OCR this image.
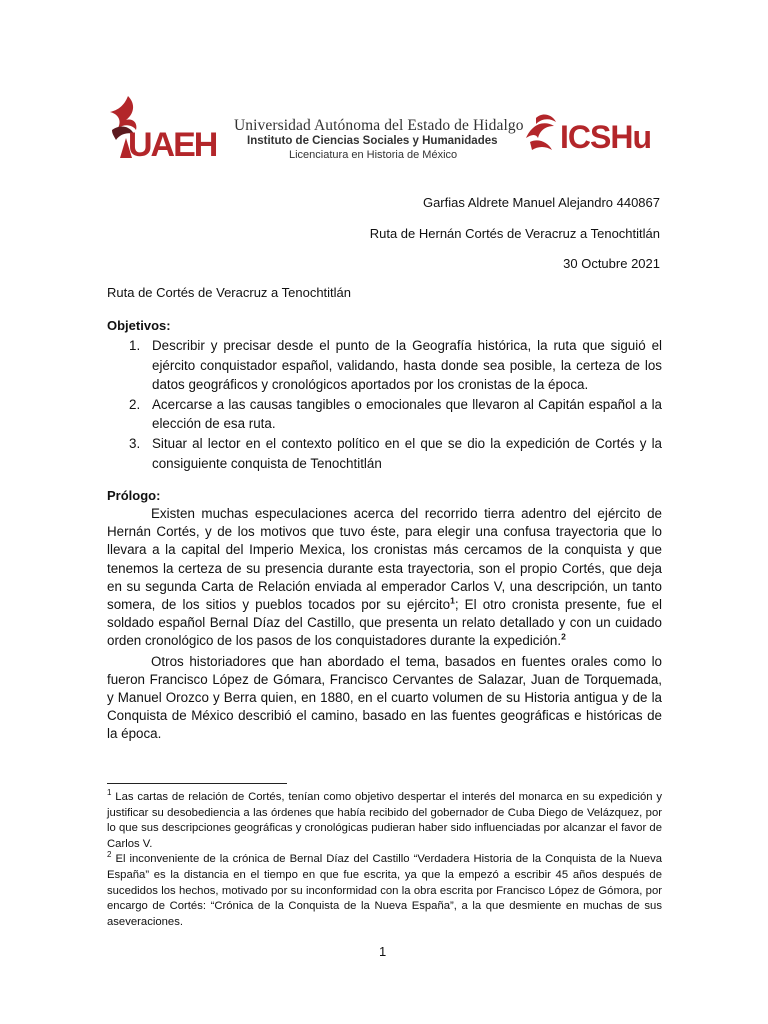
UAEH
Universidad Autónoma del Estado de Hidalgo
Instituto de Ciencias Sociales y Humanidades
Licenciatura en Historia de México	ICSHu
Garfias Aldrete Manuel Alejandro 440867
Ruta de Hernán Cortés de Veracruz a Tenochtitlán
30 Octubre 2021
Ruta de Cortés de Veracruz a Tenochtitlán
Objetivos:
1. Describir y precisar desde el punto de la Geografía histórica, la ruta que siguió el ejército conquistador español, validando, hasta donde sea posible, la certeza de los datos geográficos y cronológicos aportados por los cronistas de la época.
2. Acercarse a las causas tangibles o emocionales que llevaron al Capitán español a la elección de esa ruta.
3. Situar al lector en el contexto político en el que se dio la expedición de Cortés y la consiguiente conquista de Tenochtitlán
Prólogo:

Existen muchas especulaciones acerca del recorrido tierra adentro del ejército de Hernán Cortés, y de los motivos que tuvo éste, para elegir una confusa trayectoria que lo llevara a la capital del Imperio Mexica, los cronistas más cercamos de la conquista y que tenemos la certeza de su presencia durante esta trayectoria, son el propio Cortés, que deja en su segunda Carta de Relación enviada al emperador Carlos V, una descripción, un tanto somera, de los sitios y pueblos tocados por su ejército$^1$; El otro cronista presente, fue el soldado español Bernal Díaz del Castillo, que presenta un relato detallado y con un cuidado orden cronológico de los pasos de los conquistadores durante la expedición.$^2$

Otros historiadores que han abordado el tema, basados en fuentes orales como lo fueron Francisco López de Gómara, Francisco Cervantes de Salazar, Juan de Torquemada, y Manuel Orozco y Berra quien, en 1880, en el cuarto volumen de su Historia antigua y de la Conquista de México describió el camino, basado en las fuentes geográficas e históricas de la época.

$^1$ Las cartas de relación de Cortés, tenían como objetivo despertar el interés del monarca en su expedición y justificar su desobediencia a las órdenes que había recibido del gobernador de Cuba Diego de Velázquez, por lo que sus descripciones geográficas y cronológicas pudieran haber sido influenciadas por alcanzar el favor de Carlos V.

$^2$ El inconveniente de la crónica de Bernal Díaz del Castillo “Verdadera Historia de la Conquista de la Nueva España” es la distancia en el tiempo en que fue escrita, ya que la empezó a escribir 45 años después de sucedidos los hechos, motivado por su inconformidad con la obra escrita por Francisco López de Gómora, por encargo de Cortés: “Crónica de la Conquista de la Nueva España”, a la que desmiente en muchas de sus aseveraciones.

1
